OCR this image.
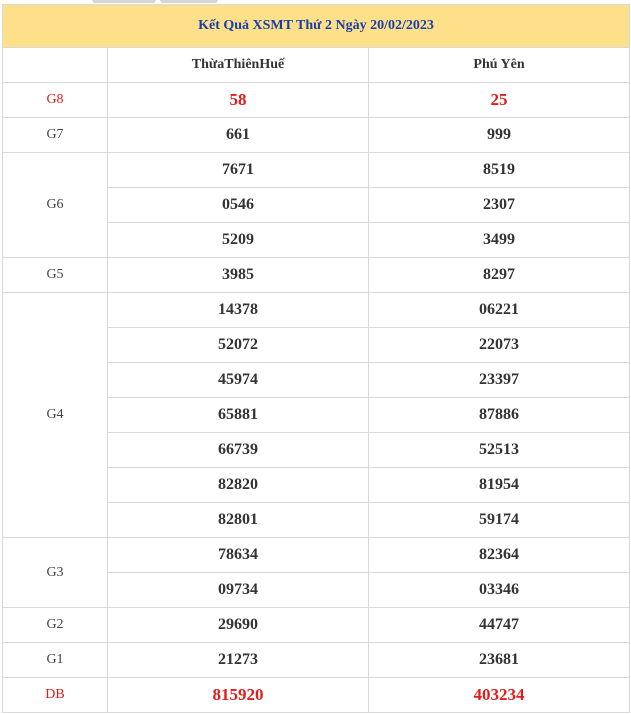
Kết Quả XSMT Thứ 2 Ngày 20/02/2023		
	ThừaThiênHuế	Phú Yên
G8	58	25
G7	661	999
G6	7671	8519
	0546	2307
	5209	3499
G5	3985	8297
G4	14378	06221
	52072	22073
	45974	23397
	65881	87886
	66739	52513
	82820	81954
	82801	59174
G3	78634	82364
	09734	03346
G2	29690	44747
G1	21273	23681
DB	815920	403234
